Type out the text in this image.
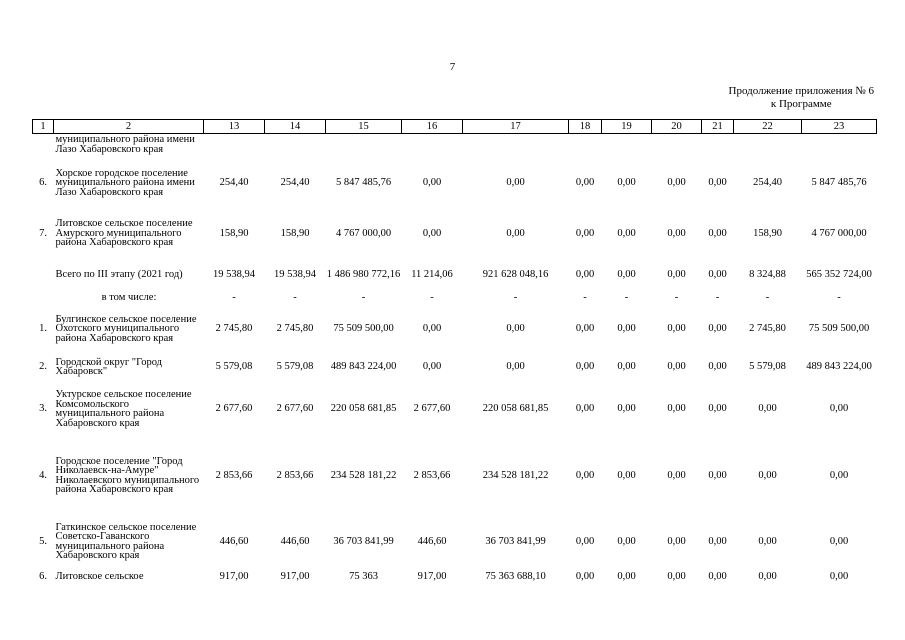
7
Продолжение приложения № 6
к Программе
1	2	13	14	15	16	17	18	19	20	21	22	23
	муниципального района имени Лазо Хабаровского края											
6.	Хорское городское поселение муниципального района имени Лазо Хабаровского края	254,40	254,40	5 847 485,76	0,00	0,00	0,00	0,00	0,00	0,00	254,40	5 847 485,76
7.	Литовское сельское поселение Амурского муниципального района Хабаровского края	158,90	158,90	4 767 000,00	0,00	0,00	0,00	0,00	0,00	0,00	158,90	4 767 000,00
	Всего по III этапу (2021 год)	19 538,94	19 538,94	1 486 980 772,16	11 214,06	921 628 048,16	0,00	0,00	0,00	0,00	8 324,88	565 352 724,00
	в том числе:	-	-	-	-	-	-	-	-	-	-	-
1.	Булгинское сельское поселение Охотского муниципального района Хабаровского края	2 745,80	2 745,80	75 509 500,00	0,00	0,00	0,00	0,00	0,00	0,00	2 745,80	75 509 500,00
2.	Городской округ "Город Хабаровск"	5 579,08	5 579,08	489 843 224,00	0,00	0,00	0,00	0,00	0,00	0,00	5 579,08	489 843 224,00
3.	Уктурское сельское поселение Комсомольского муниципального района Хабаровского края	2 677,60	2 677,60	220 058 681,85	2 677,60	220 058 681,85	0,00	0,00	0,00	0,00	0,00	0,00
4.	Городское поселение "Город Николаевск-на-Амуре" Николаевского муниципального района Хабаровского края	2 853,66	2 853,66	234 528 181,22	2 853,66	234 528 181,22	0,00	0,00	0,00	0,00	0,00	0,00
5.	Гаткинское сельское поселение Советско-Гаванского муниципального района Хабаровского края	446,60	446,60	36 703 841,99	446,60	36 703 841,99	0,00	0,00	0,00	0,00	0,00	0,00
6.	Литовское сельское	917,00	917,00	75 363	917,00	75 363 688,10	0,00	0,00	0,00	0,00	0,00	0,00
